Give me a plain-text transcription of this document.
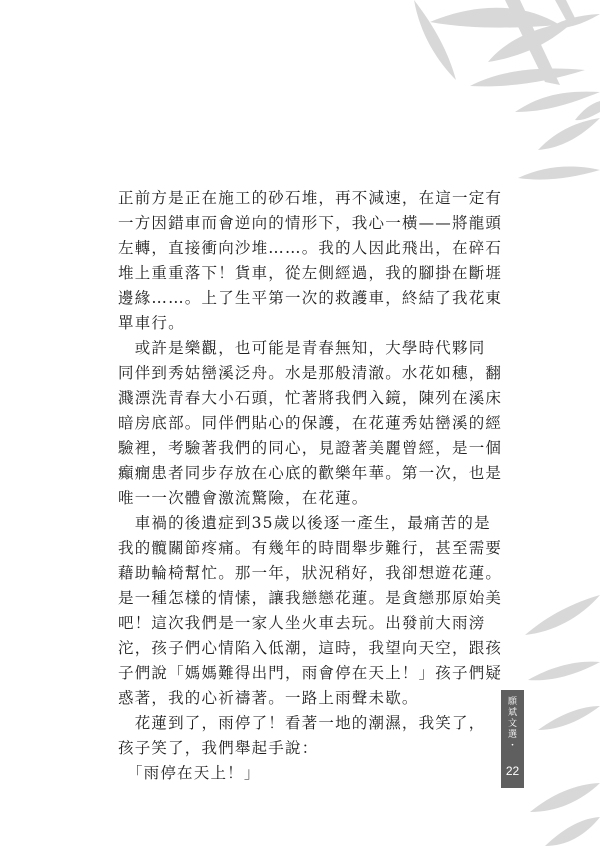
正前方是正在施工的砂石堆，再不減速，在這一定有
一方因錯車而會逆向的情形下，我心一橫——將龍頭
左轉，直接衝向沙堆……。我的人因此飛出，在碎石
堆上重重落下！貨車，從左側經過，我的腳掛在斷堐
邊緣……。上了生平第一次的救護車，終結了我花東
單車行。
　或許是樂觀，也可能是青春無知，大學時代夥同
同伴到秀姑巒溪泛舟。水是那般清澈。水花如穗，翻
濺漂洗青春大小石頭，忙著將我們入鏡，陳列在溪床
暗房底部。同伴們貼心的保護，在花蓮秀姑巒溪的經
驗裡，考驗著我們的同心，見證著美麗曾經，是一個
癲癇患者同步存放在心底的歡樂年華。第一次，也是
唯一一次體會激流驚險，在花蓮。
　車禍的後遺症到35歲以後逐一產生，最痛苦的是
我的髖關節疼痛。有幾年的時間舉步難行，甚至需要
藉助輪椅幫忙。那一年，狀況稍好，我卻想遊花蓮。
是一種怎樣的情愫，讓我戀戀花蓮。是貪戀那原始美
吧！這次我們是一家人坐火車去玩。出發前大雨滂
沱，孩子們心情陷入低潮，這時，我望向天空，跟孩
子們說「媽媽難得出門，雨會停在天上！」孩子們疑
惑著，我的心祈禱著。一路上雨聲未歇。
　花蓮到了，雨停了！看著一地的潮濕，我笑了，
孩子笑了，我們舉起手說：
　「雨停在天上！」
願 斌 文 選 ・
22
